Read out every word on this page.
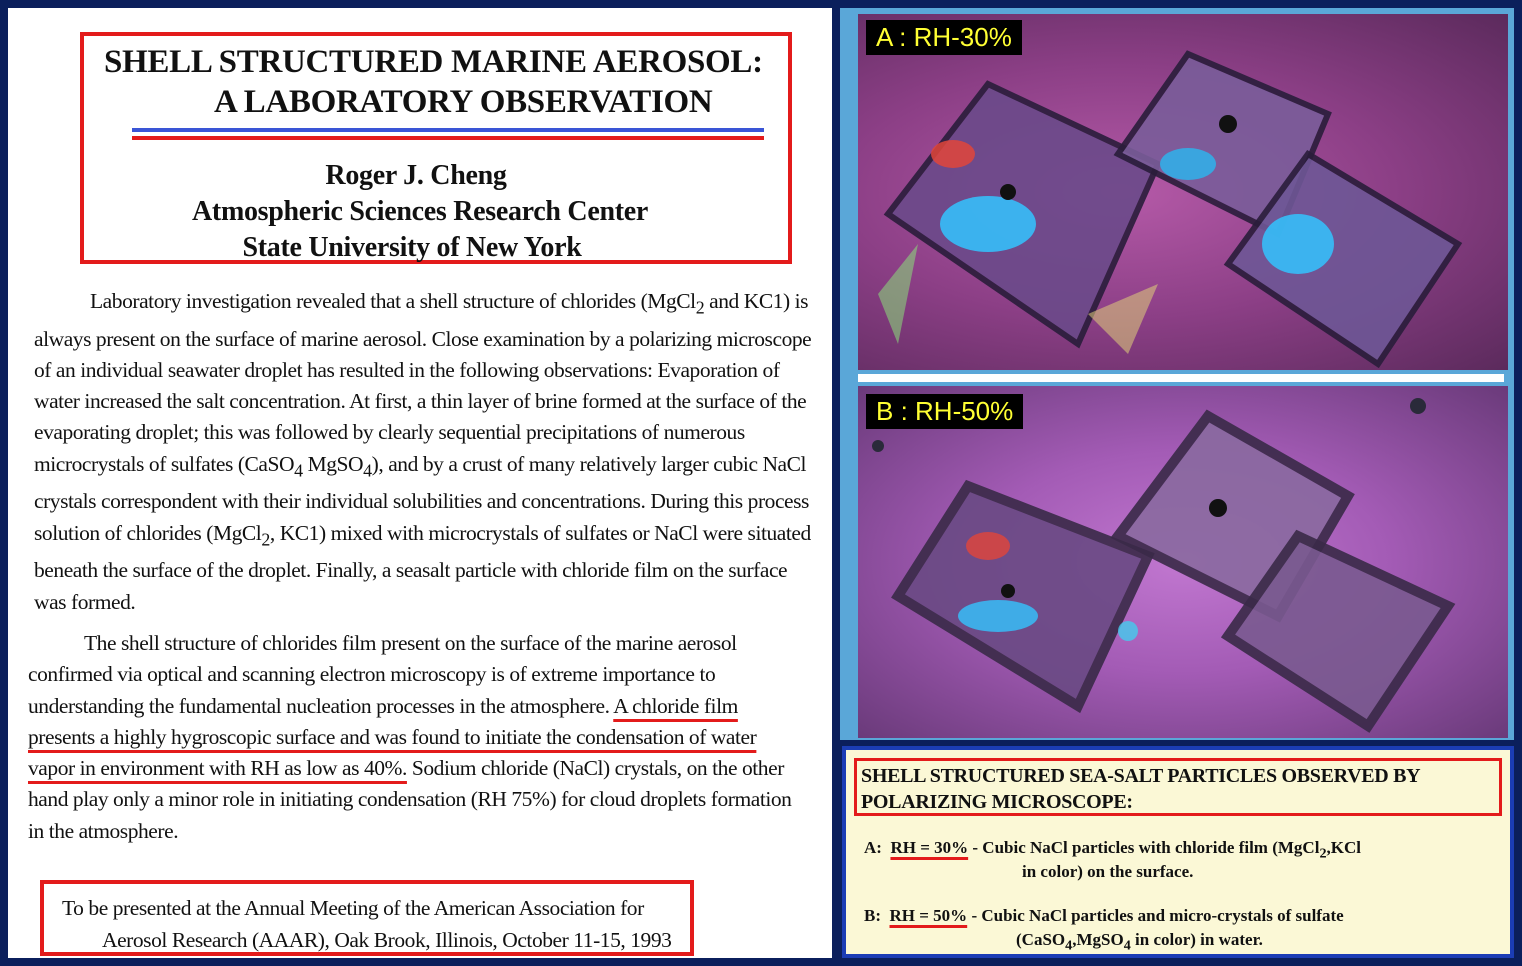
SHELL STRUCTURED MARINE AEROSOL:
A LABORATORY OBSERVATION
Roger J. Cheng
Atmospheric Sciences Research Center
State University of New York
Laboratory investigation revealed that a shell structure of chlorides (MgCl$_2$ and KC1) is
always present on the surface of marine aerosol. Close examination by a polarizing microscope
of an individual seawater droplet has resulted in the following observations: Evaporation of
water increased the salt concentration. At first, a thin layer of brine formed at the surface of the
evaporating droplet; this was followed by clearly sequential precipitations of numerous
microcrystals of sulfates (CaSO$_4$ MgSO$_4$), and by a crust of many relatively larger cubic NaCl
crystals correspondent with their individual solubilities and concentrations. During this process
solution of chlorides (MgCl$_2$, KC1) mixed with microcrystals of sulfates or NaCl were situated
beneath the surface of the droplet. Finally, a seasalt particle with chloride film on the surface
was formed.
The shell structure of chlorides film present on the surface of the marine aerosol
confirmed via optical and scanning electron microscopy is of extreme importance to
understanding the fundamental nucleation processes in the atmosphere. A chloride film
presents a highly hygroscopic surface and was found to initiate the condensation of water
vapor in environment with RH as low as 40%. Sodium chloride (NaCl) crystals, on the other
hand play only a minor role in initiating condensation (RH 75%) for cloud droplets formation
in the atmosphere.
To be presented at the Annual Meeting of the American Association for
Aerosol Research (AAAR), Oak Brook, Illinois, October 11-15, 1993
A : RH-30%
B : RH-50%
SHELL STRUCTURED SEA-SALT PARTICLES OBSERVED BY
POLARIZING MICROSCOPE:
A: RH = 30% - Cubic NaCl particles with chloride film (MgCl$_2$,KCl
in color) on the surface.
B: RH = 50% - Cubic NaCl particles and micro-crystals of sulfate
(CaSO$_4$,MgSO$_4$ in color) in water.
